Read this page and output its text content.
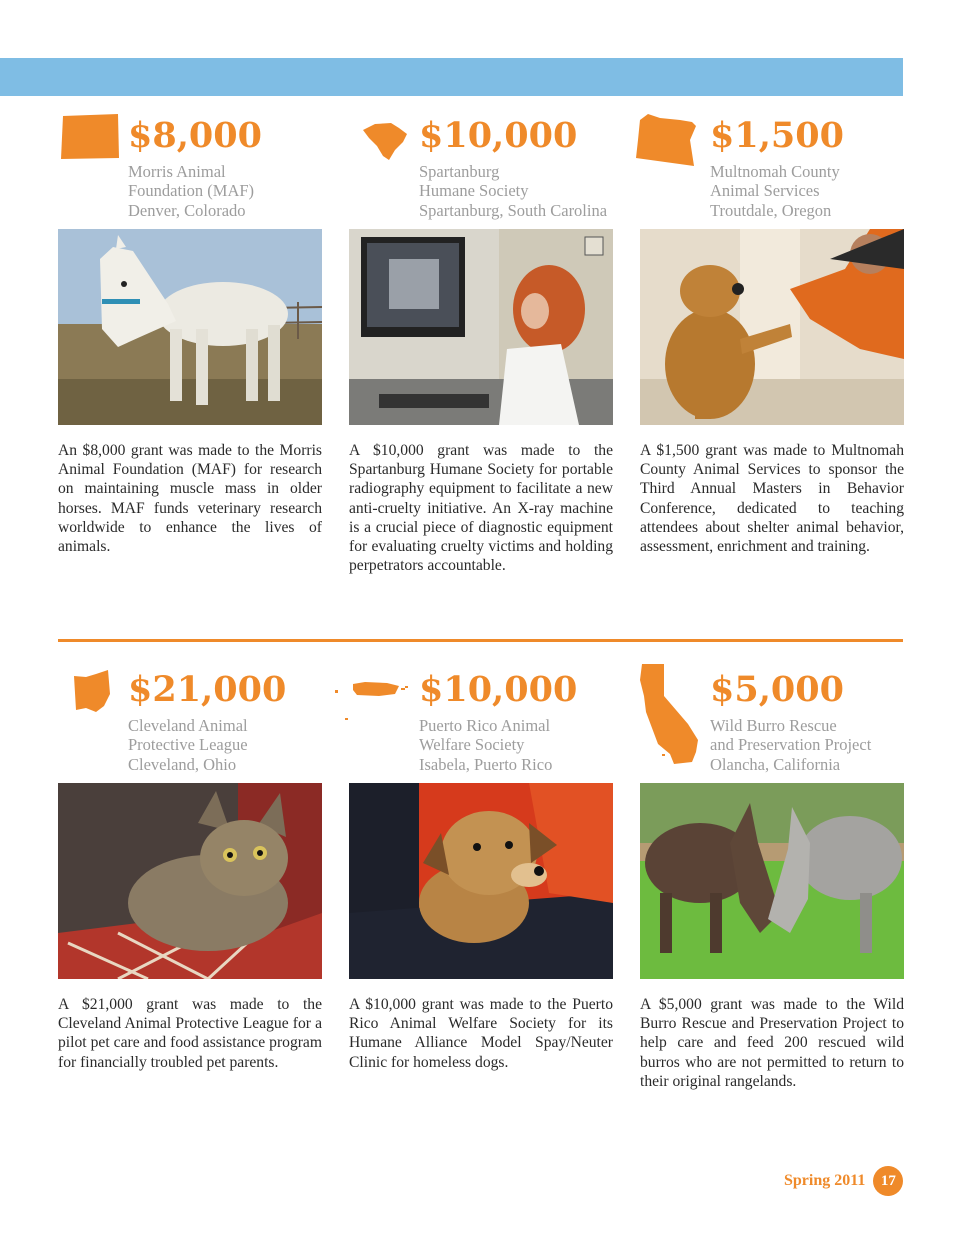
$8,000
Morris Animal
Foundation (MAF)
Denver, Colorado

An $8,000 grant was made to the Morris Animal Foundation (MAF) for research on maintaining muscle mass in older horses. MAF funds veterinary research worldwide to enhance the lives of animals.

$10,000
Spartanburg
Humane Society
Spartanburg, South Carolina

A $10,000 grant was made to the Spartanburg Humane Society for portable radiography equipment to facilitate a new anti-cruelty initiative. An X-ray machine is a crucial piece of diagnostic equipment for evaluating cruelty victims and holding perpetrators accountable.

$1,500
Multnomah County
Animal Services
Troutdale, Oregon

A $1,500 grant was made to Multnomah County Animal Services to sponsor the Third Annual Masters in Behavior Conference, dedicated to teaching attendees about shelter animal behavior, assessment, enrichment and training.

$21,000
Cleveland Animal
Protective League
Cleveland, Ohio

A $21,000 grant was made to the Cleveland Animal Protective League for a pilot pet care and food assistance program for financially troubled pet parents.

$10,000
Puerto Rico Animal
Welfare Society
Isabela, Puerto Rico

A $10,000 grant was made to the Puerto Rico Animal Welfare Society for its Humane Alliance Model Spay/Neuter Clinic for homeless dogs.

$5,000
Wild Burro Rescue
and Preservation Project
Olancha, California

A $5,000 grant was made to the Wild Burro Rescue and Preservation Project to help care and feed 200 rescued wild burros who are not permitted to return to their original rangelands.

Spring 2011	17
